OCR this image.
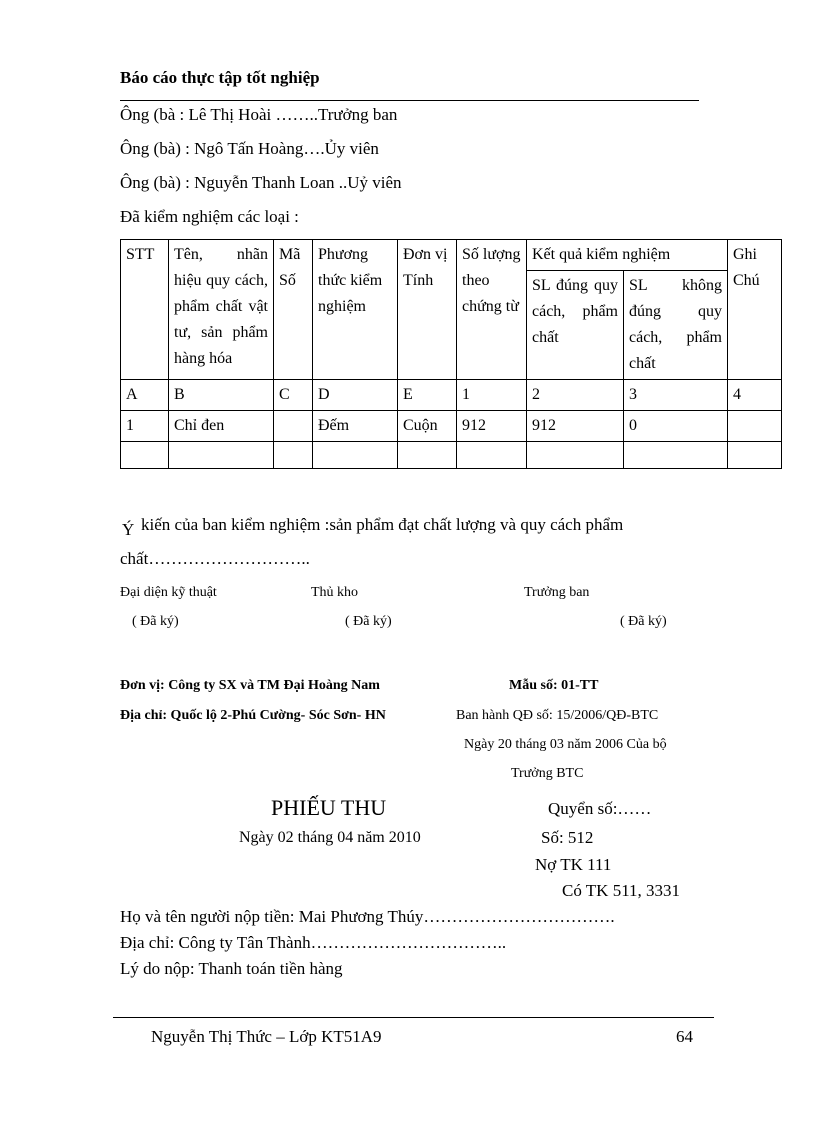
Báo cáo thực tập tốt nghiệp
Ông (bà : Lê Thị Hoài ……..Trưởng ban
Ông (bà) : Ngô Tấn Hoàng….Ủy viên
Ông (bà) : Nguyễn Thanh Loan ..Uỷ viên
Đã kiểm nghiệm các loại :
STT	Tên, nhãn hiệu quy cách, phẩm chất vật tư, sản phẩm hàng hóa	Mã Số	Phương thức kiểm nghiệm	Đơn vị Tính	Số lượng theo chứng từ	Kết quả kiểm nghiệm		Ghi Chú
						SL đúng quy cách, phẩm chất	SL không đúng quy cách, phẩm chất	
A	B	C	D	E	1	2	3	4
1	Chỉ đen		Đếm	Cuộn	912	912	0	

Ý kiến của ban kiểm nghiệm :sản phẩm đạt chất lượng và quy cách phẩm
chất………………………..
Đại diện kỹ thuật	Thủ kho	Trưởng ban
( Đã ký)	( Đã ký)	( Đã ký)
Đơn vị: Công ty SX và TM Đại Hoàng Nam
Địa chỉ: Quốc lộ 2-Phú Cường- Sóc Sơn- HN
Mẫu số: 01-TT
Ban hành QĐ số: 15/2006/QĐ-BTC
Ngày 20 tháng 03 năm 2006 Của bộ
Trưởng BTC
PHIẾU THU	Quyển số:……
Ngày 02 tháng 04 năm 2010	Số: 512
Nợ TK 111
Có TK 511, 3331
Họ và tên người nộp tiền: Mai Phương Thúy…………………………….
Địa chỉ: Công ty Tân Thành……………………………..
Lý do nộp: Thanh toán tiền hàng
Nguyễn Thị Thức – Lớp KT51A9	64
